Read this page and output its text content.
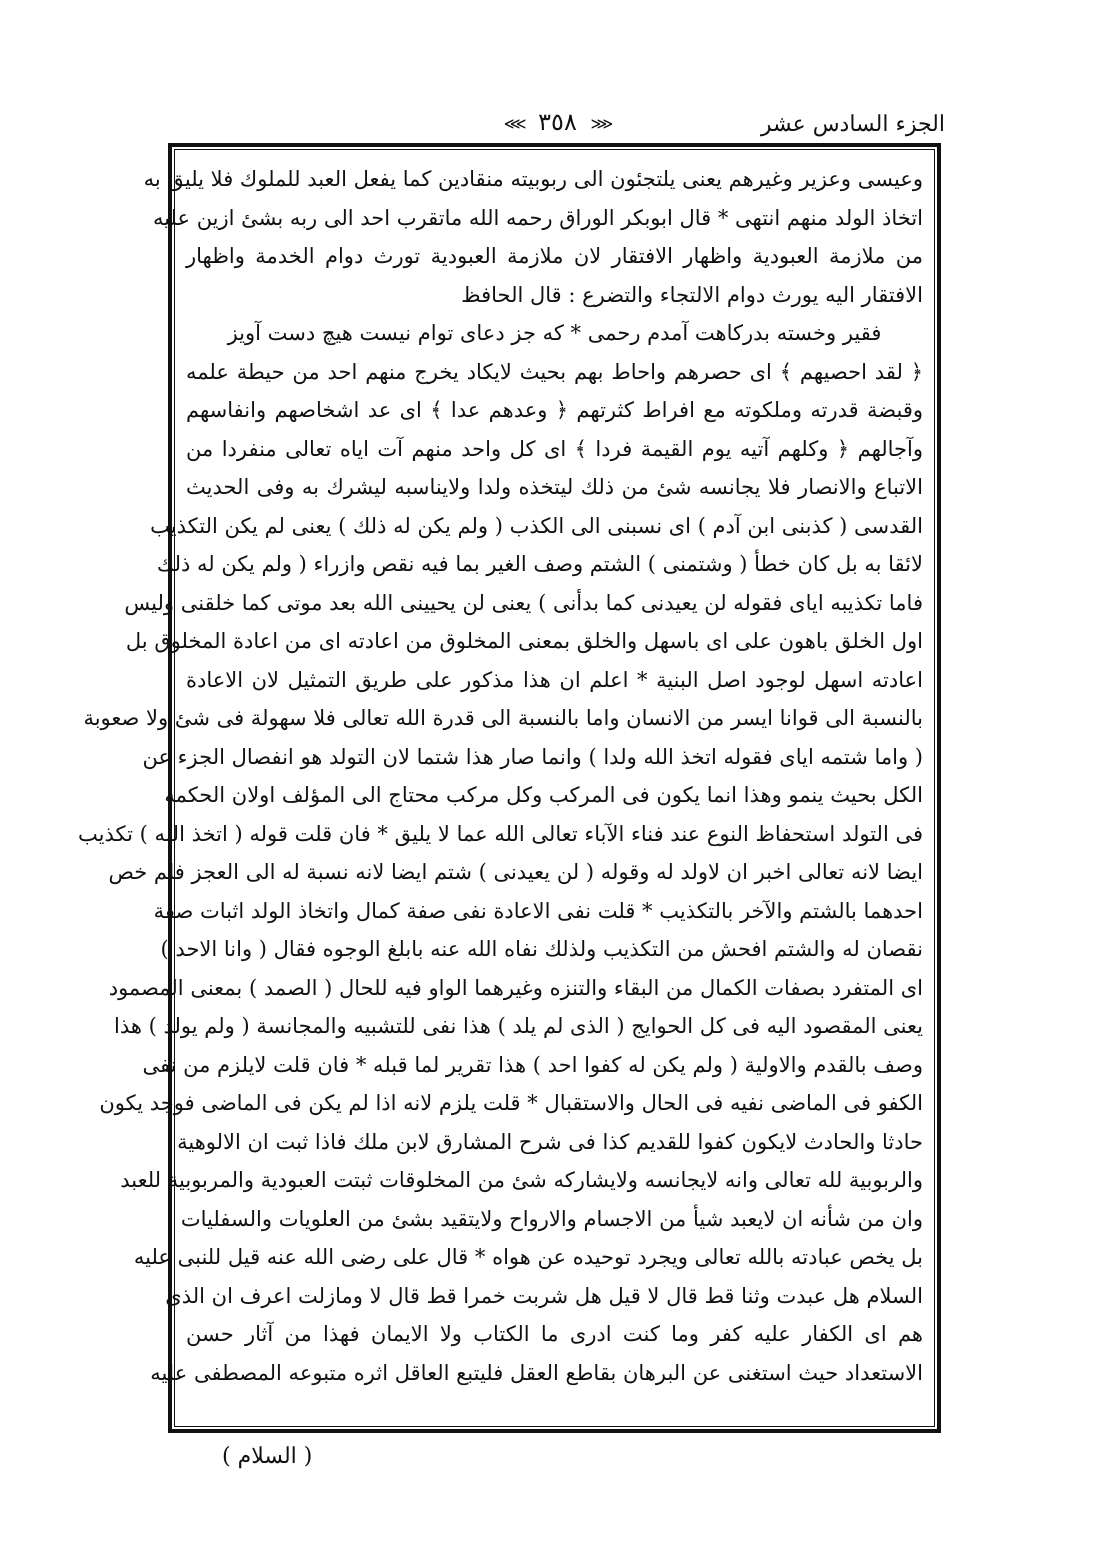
الجزء السادس عشر
⋘ ٣٥٨ ⋙
وعيسى وعزير وغيرهم يعنى يلتجئون الى ربوبيته منقادين كما يفعل العبد للملوك فلا يليق به
اتخاذ الولد منهم انتهى * قال ابوبكر الوراق رحمه الله ماتقرب احد الى ربه بشئ ازين عليه
من ملازمة العبودية واظهار الافتقار لان ملازمة العبودية تورث دوام الخدمة واظهار
الافتقار اليه يورث دوام الالتجاء والتضرع : قال الحافظ
فقير وخسته بدركاهت آمدم رحمى * كه جز دعاى توام نيست هيچ دست آويز
﴿ لقد احصيهم ﴾ اى حصرهم واحاط بهم بحيث لايكاد يخرج منهم احد من حيطة علمه
وقبضة قدرته وملكوته مع افراط كثرتهم ﴿ وعدهم عدا ﴾ اى عد اشخاصهم وانفاسهم
وآجالهم ﴿ وكلهم آتيه يوم القيمة فردا ﴾ اى كل واحد منهم آت اياه تعالى منفردا من
الاتباع والانصار فلا يجانسه شئ من ذلك ليتخذه ولدا ولايناسبه ليشرك به وفى الحديث
القدسى ( كذبنى ابن آدم ) اى نسبنى الى الكذب ( ولم يكن له ذلك ) يعنى لم يكن التكذيب
لائقا به بل كان خطأ ( وشتمنى ) الشتم وصف الغير بما فيه نقص وازراء ( ولم يكن له ذلك
فاما تكذيبه اياى فقوله لن يعيدنى كما بدأنى ) يعنى لن يحيينى الله بعد موتى كما خلقنى وليس
اول الخلق باهون على اى باسهل والخلق بمعنى المخلوق من اعادته اى من اعادة المخلوق بل
اعادته اسهل لوجود اصل البنية * اعلم ان هذا مذكور على طريق التمثيل لان الاعادة
بالنسبة الى قوانا ايسر من الانسان واما بالنسبة الى قدرة الله تعالى فلا سهولة فى شئ ولا صعوبة
( واما شتمه اياى فقوله اتخذ الله ولدا ) وانما صار هذا شتما لان التولد هو انفصال الجزء عن
الكل بحيث ينمو وهذا انما يكون فى المركب وكل مركب محتاج الى المؤلف اولان الحكمة
فى التولد استحفاظ النوع عند فناء الآباء تعالى الله عما لا يليق * فان قلت قوله ( اتخذ الله ) تكذيب
ايضا لانه تعالى اخبر ان لاولد له وقوله ( لن يعيدنى ) شتم ايضا لانه نسبة له الى العجز فلم خص
احدهما بالشتم والآخر بالتكذيب * قلت نفى الاعادة نفى صفة كمال واتخاذ الولد اثبات صفة
نقصان له والشتم افحش من التكذيب ولذلك نفاه الله عنه بابلغ الوجوه فقال ( وانا الاحد )
اى المتفرد بصفات الكمال من البقاء والتنزه وغيرهما الواو فيه للحال ( الصمد ) بمعنى المصمود
يعنى المقصود اليه فى كل الحوايج ( الذى لم يلد ) هذا نفى للتشبيه والمجانسة ( ولم يولد ) هذا
وصف بالقدم والاولية ( ولم يكن له كفوا احد ) هذا تقرير لما قبله * فان قلت لايلزم من نفى
الكفو فى الماضى نفيه فى الحال والاستقبال * قلت يلزم لانه اذا لم يكن فى الماضى فوجد يكون
حادثا والحادث لايكون كفوا للقديم كذا فى شرح المشارق لابن ملك فاذا ثبت ان الالوهية
والربوبية لله تعالى وانه لايجانسه ولايشاركه شئ من المخلوقات ثبتت العبودية والمربوبية للعبد
وان من شأنه ان لايعبد شيأ من الاجسام والارواح ولايتقيد بشئ من العلويات والسفليات
بل يخص عبادته بالله تعالى ويجرد توحيده عن هواه * قال على رضى الله عنه قيل للنبى عليه
السلام هل عبدت وثنا قط قال لا قيل هل شربت خمرا قط قال لا ومازلت اعرف ان الذى
هم اى الكفار عليه كفر وما كنت ادرى ما الكتاب ولا الايمان فهذا من آثار حسن
الاستعداد حيث استغنى عن البرهان بقاطع العقل فليتبع العاقل اثره متبوعه المصطفى عليه
( السلام )
